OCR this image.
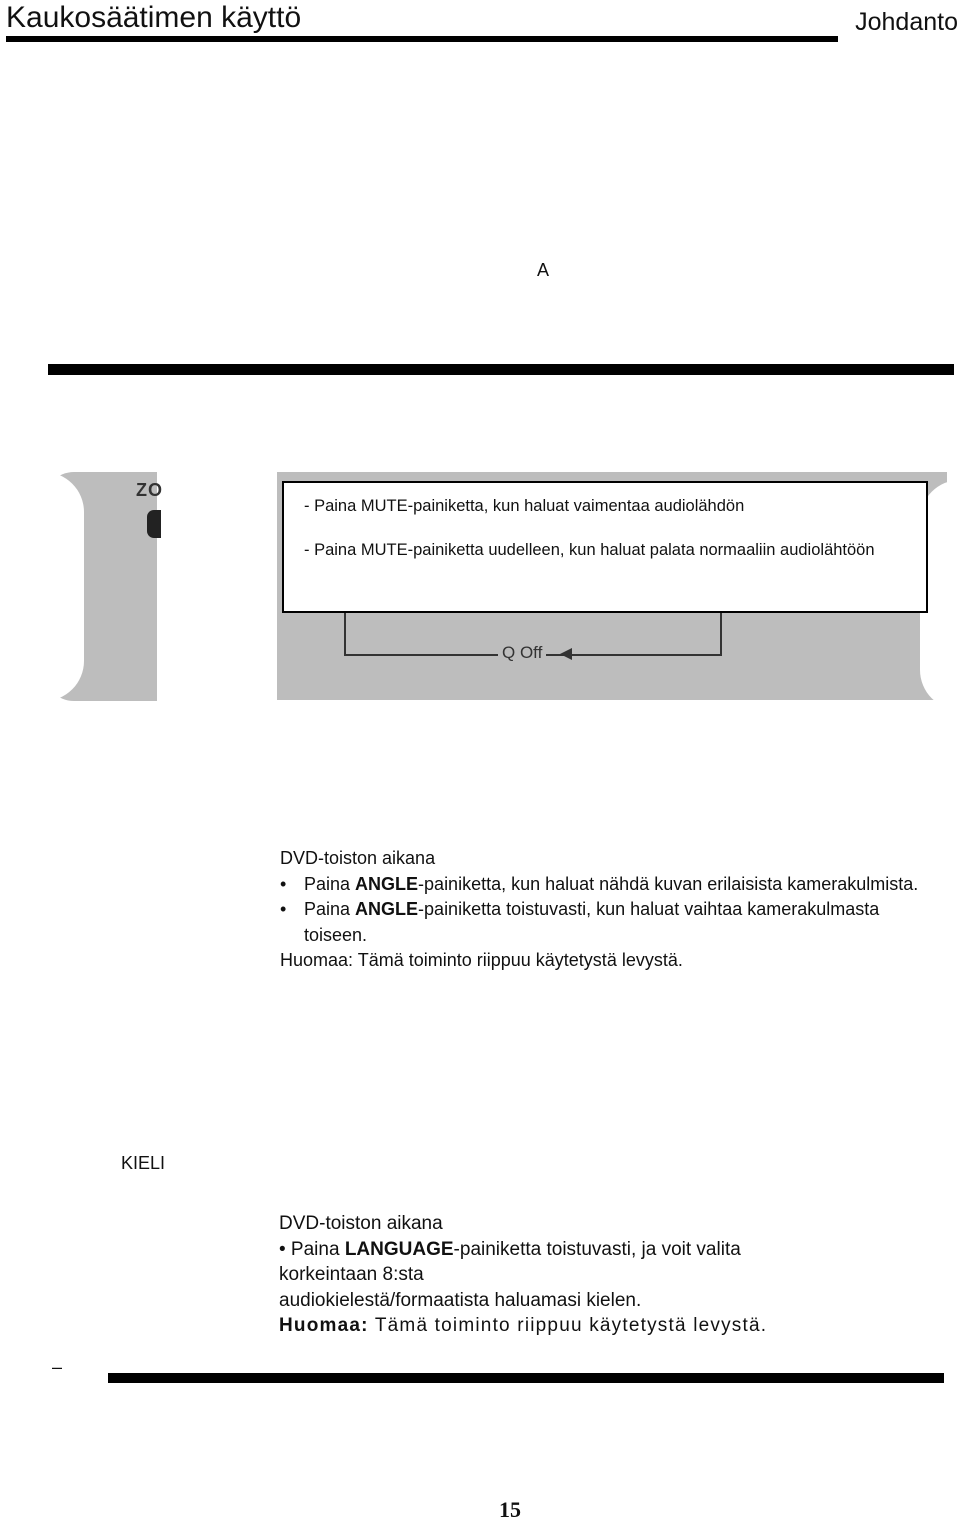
Kaukosäätimen käyttö	Johdanto
A
ZO
Q Off

- Paina MUTE-painiketta, kun haluat vaimentaa audiolähdön

- Paina MUTE-painiketta uudelleen, kun haluat palata normaaliin audiolähtöön

DVD-toiston aikana
• Paina ANGLE-painiketta, kun haluat nähdä kuvan erilaisista kamerakulmista.
• Paina ANGLE-painiketta toistuvasti, kun haluat vaihtaa kamerakulmasta toiseen.
Huomaa: Tämä toiminto riippuu käytetystä levystä.
KIELI
DVD-toiston aikana
• Paina LANGUAGE-painiketta toistuvasti, ja voit valita
korkeintaan 8:sta
audiokielestä/formaatista haluamasi kielen.
Huomaa: Tämä toiminto riippuu käytetystä levystä.
–
15
